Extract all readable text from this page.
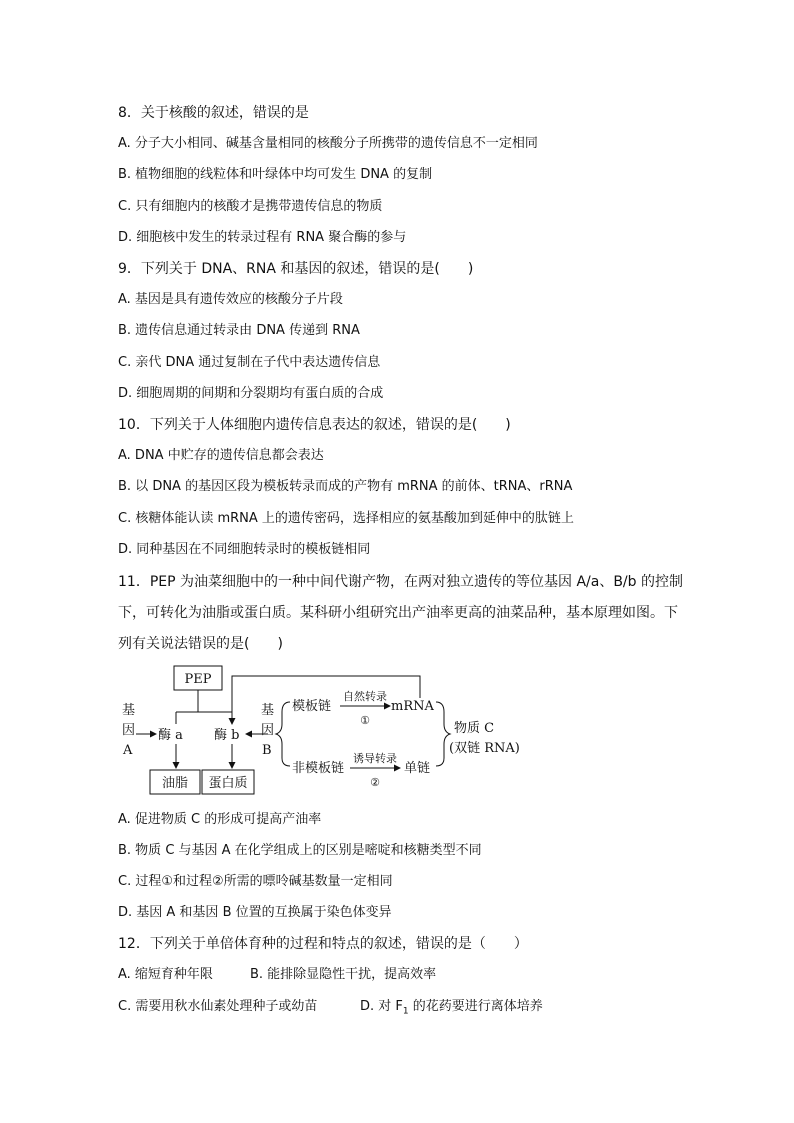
8．关于核酸的叙述，错误的是
A. 分子大小相同、碱基含量相同的核酸分子所携带的遗传信息不一定相同
B. 植物细胞的线粒体和叶绿体中均可发生 DNA 的复制
C. 只有细胞内的核酸才是携带遗传信息的物质
D. 细胞核中发生的转录过程有 RNA 聚合酶的参与
9．下列关于 DNA、RNA 和基因的叙述，错误的是(　　)
A. 基因是具有遗传效应的核酸分子片段
B. 遗传信息通过转录由 DNA 传递到 RNA
C. 亲代 DNA 通过复制在子代中表达遗传信息
D. 细胞周期的间期和分裂期均有蛋白质的合成
10．下列关于人体细胞内遗传信息表达的叙述，错误的是(　　)
A. DNA 中贮存的遗传信息都会表达
B. 以 DNA 的基因区段为模板转录而成的产物有 mRNA 的前体、tRNA、rRNA
C. 核糖体能认读 mRNA 上的遗传密码，选择相应的氨基酸加到延伸中的肽链上
D. 同种基因在不同细胞转录时的模板链相同
11．PEP 为油菜细胞中的一种中间代谢产物，在两对独立遗传的等位基因 A/a、B/b 的控制
下，可转化为油脂或蛋白质。某科研小组研究出产油率更高的油菜品种，基本原理如图。下
列有关说法错误的是(　　)
PEP
基
因
A
酶 a 酶 b
油脂 蛋白质
基
因
B
模板链	mRNA
非模板链	单链
物质 C
(双链 RNA)
自然转录
①
诱导转录
②
A. 促进物质 C 的形成可提高产油率
B. 物质 C 与基因 A 在化学组成上的区别是嘧啶和核糖类型不同
C. 过程①和过程②所需的嘌呤碱基数量一定相同
D. 基因 A 和基因 B 位置的互换属于染色体变异
12．下列关于单倍体育种的过程和特点的叙述，错误的是（　　）
A. 缩短育种年限	B. 能排除显隐性干扰，提高效率
C. 需要用秋水仙素处理种子或幼苗	D. 对 $F_1$ 的花药要进行离体培养
